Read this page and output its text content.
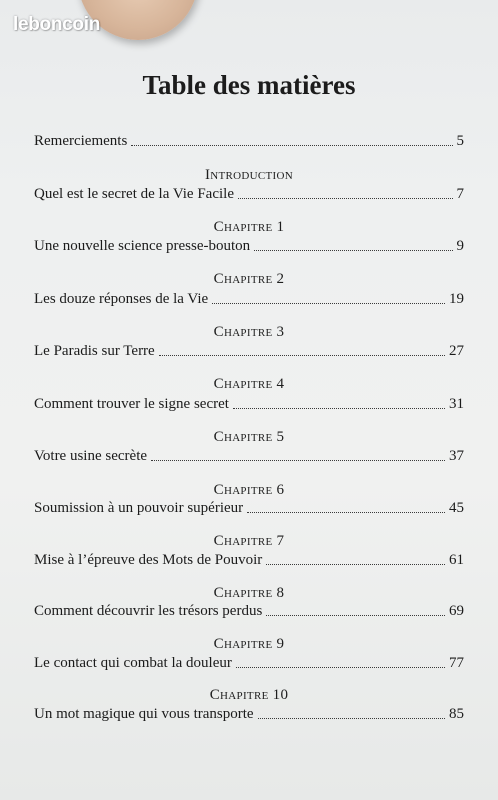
leboncoin
Table des matières
Remerciements	5
Introduction
Quel est le secret de la Vie Facile	7
Chapitre 1
Une nouvelle science presse-bouton	9
Chapitre 2
Les douze réponses de la Vie	19
Chapitre 3
Le Paradis sur Terre	27
Chapitre 4
Comment trouver le signe secret	31
Chapitre 5
Votre usine secrète	37
Chapitre 6
Soumission à un pouvoir supérieur	45
Chapitre 7
Mise à l’épreuve des Mots de Pouvoir	61
Chapitre 8
Comment découvrir les trésors perdus	69
Chapitre 9
Le contact qui combat la douleur	77
Chapitre 10
Un mot magique qui vous transporte	85
